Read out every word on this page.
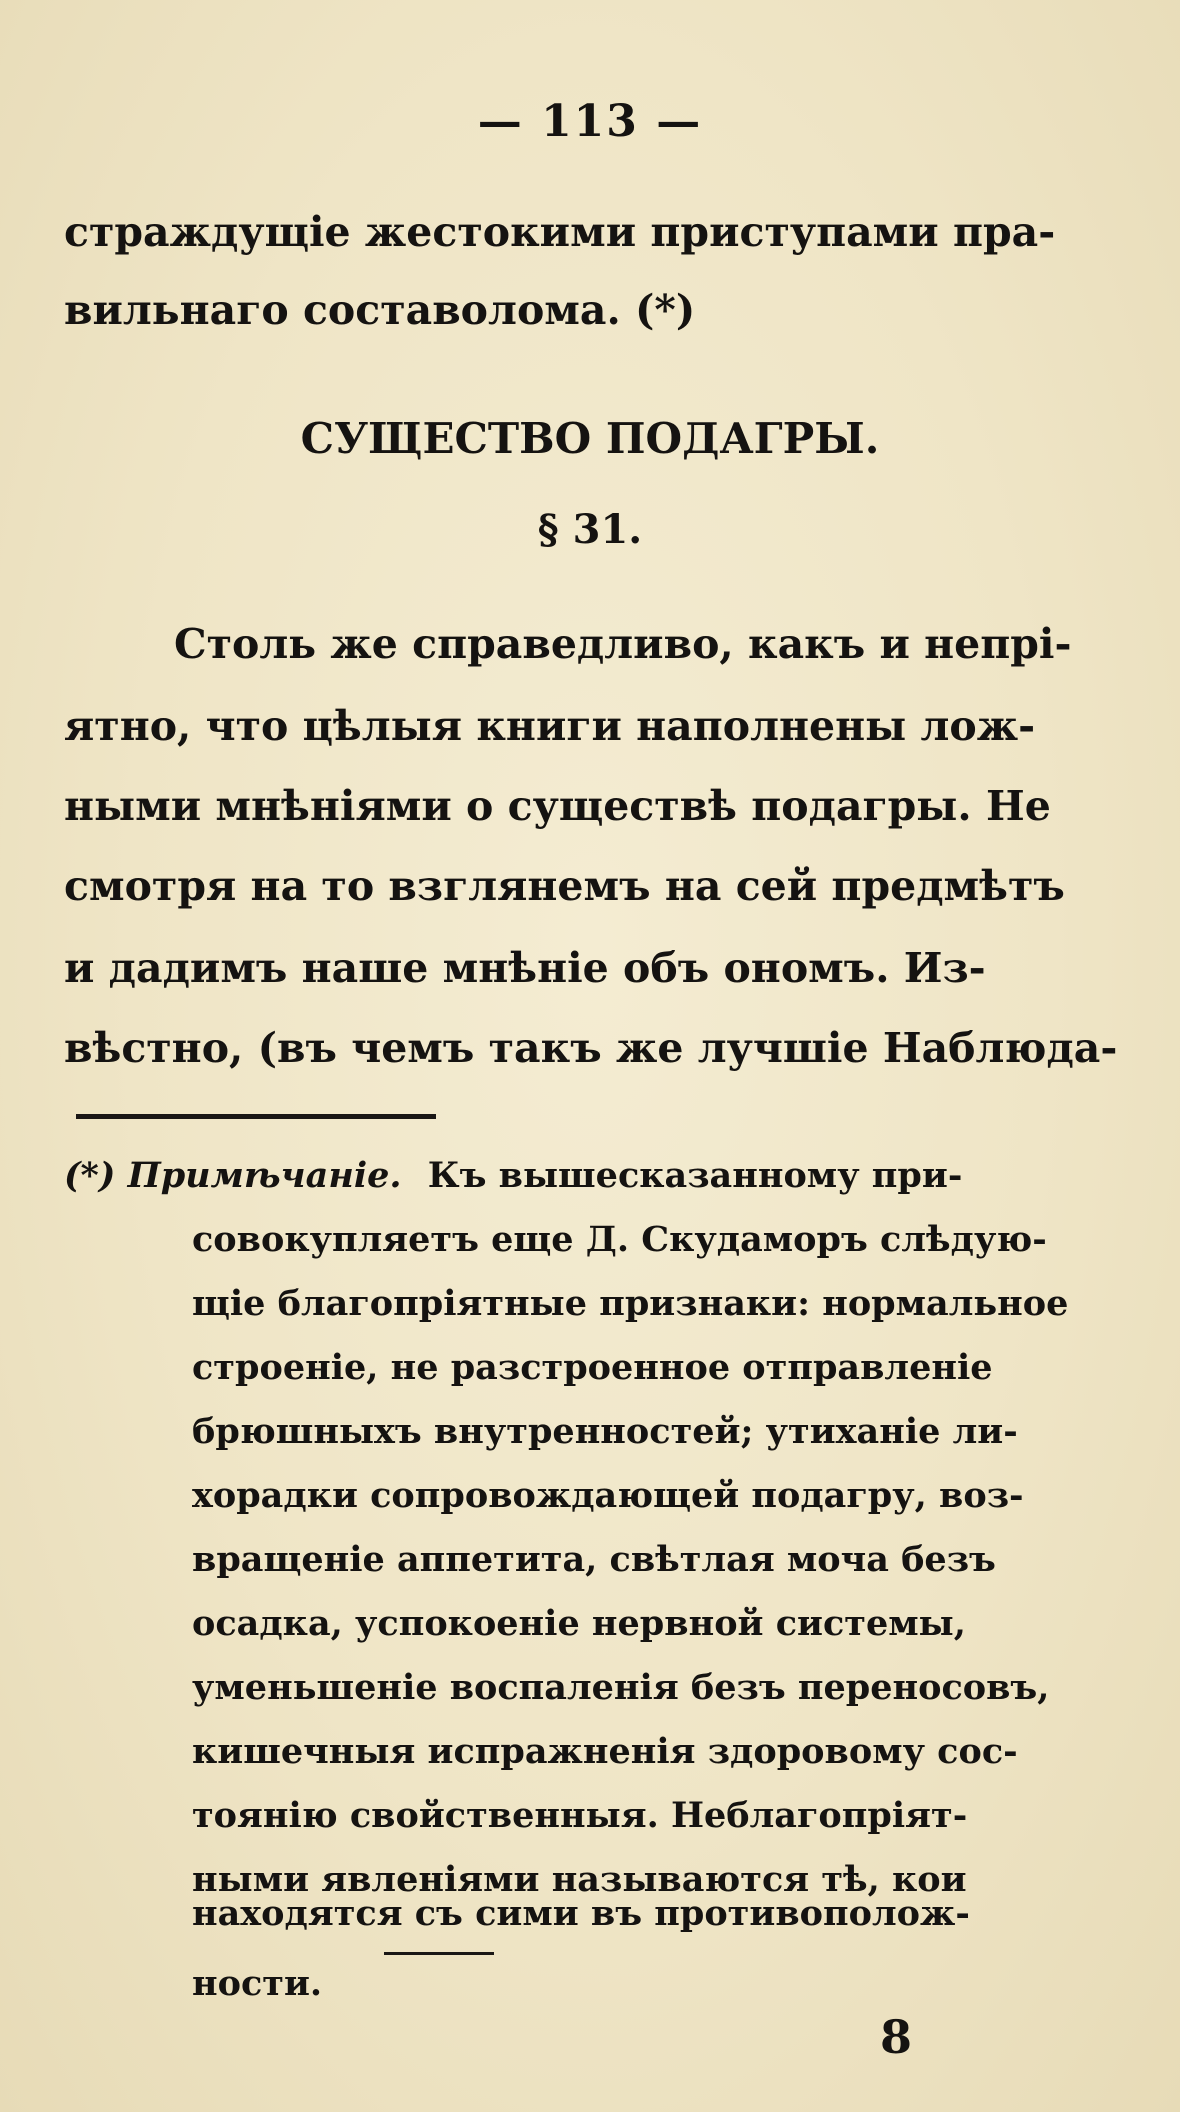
— 113 —
страждущіе жестокими приступами пра-
вильнаго составолома. (*)
СУЩЕСТВО ПОДАГРЫ.
§ 31.
Столь же справедливо, какъ и непрі-
ятно, что цѣлыя книги наполнены лож-
ными мнѣніями о существѣ подагры. Не
смотря на то взглянемъ на сей предмѣтъ
и дадимъ наше мнѣніе объ ономъ. Из-
вѣстно, (въ чемъ такъ же лучшіе Наблюда-
(*) Примѣчаніе. Къ вышесказанному при-
совокупляетъ еще Д. Скудаморъ слѣдую-
щіе благопріятные признаки: нормальное
строеніе, не разстроенное отправленіе
брюшныхъ внутренностей; утиханіе ли-
хорадки сопровождающей подагру, воз-
вращеніе аппетита, свѣтлая моча безъ
осадка, успокоеніе нервной системы,
уменьшеніе воспаленія безъ переносовъ,
кишечныя испражненія здоровому сос-
тоянію свойственныя. Неблагопріят-
ными явленіями называются тѣ, кои
находятся съ сими въ противополож-
ности.
8
